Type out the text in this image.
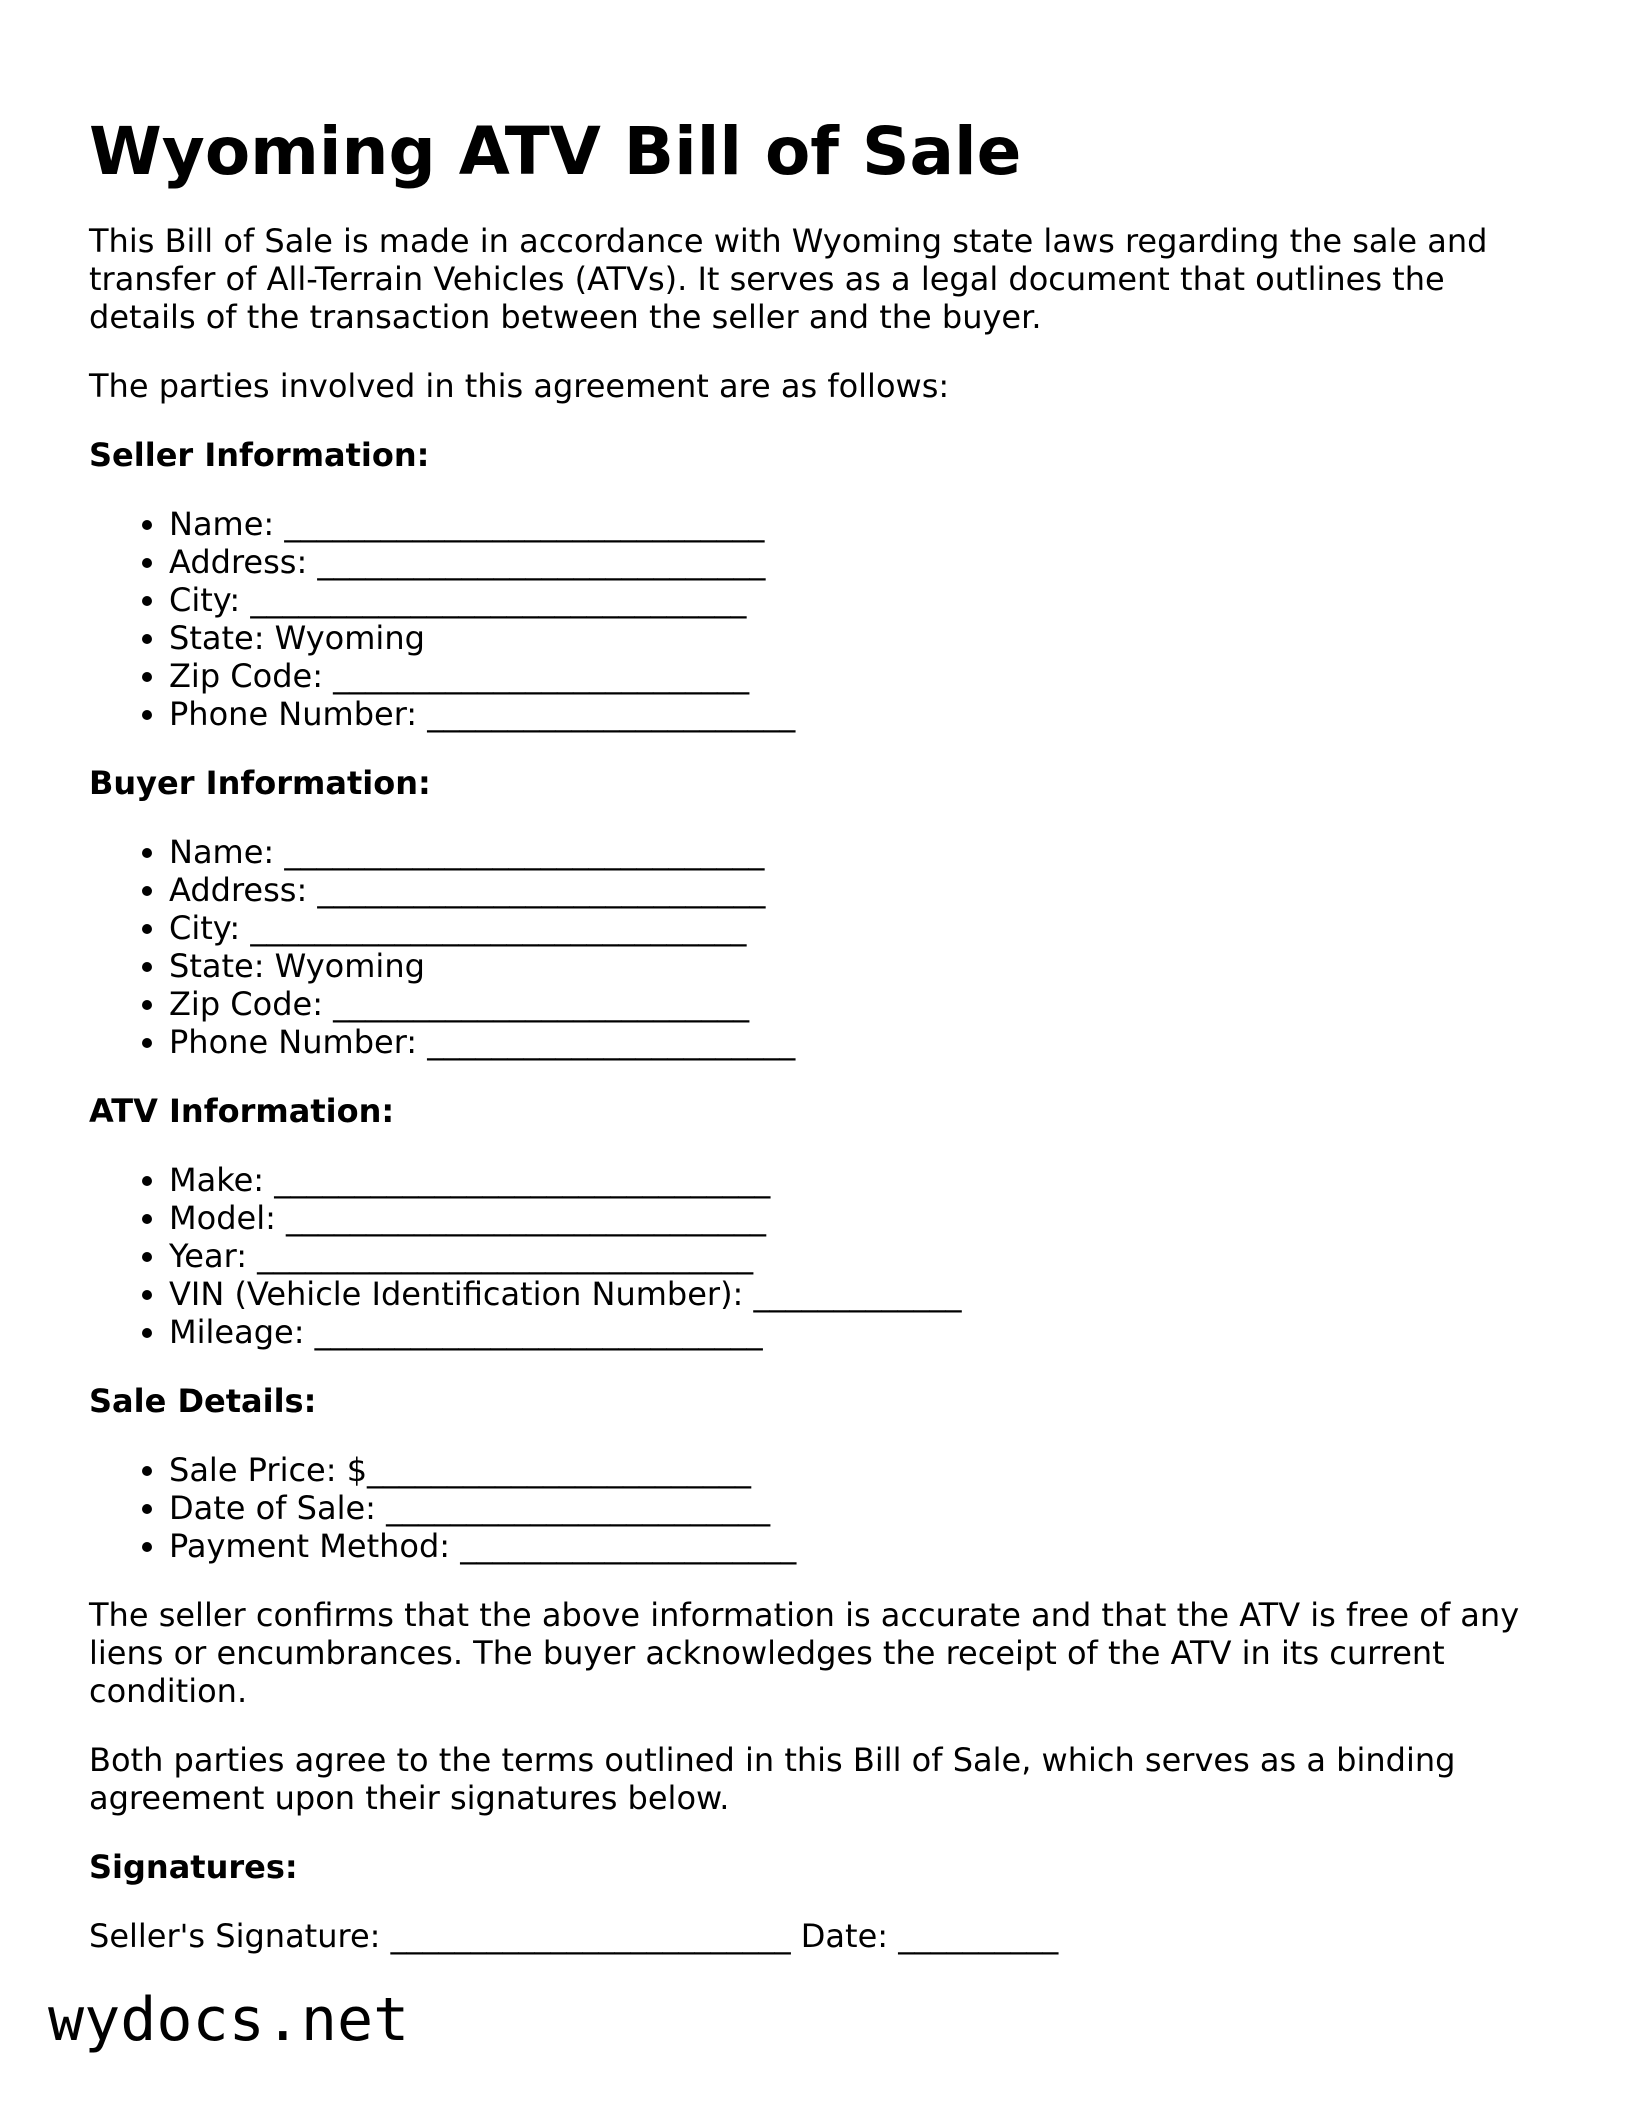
Wyoming ATV Bill of Sale

This Bill of Sale is made in accordance with Wyoming state laws regarding the sale and transfer of All-Terrain Vehicles (ATVs). It serves as a legal document that outlines the details of the transaction between the seller and the buyer.

The parties involved in this agreement are as follows:

Seller Information:
• Name: ______________________________
• Address: ____________________________
• City: _______________________________
• State: Wyoming
• Zip Code: __________________________
• Phone Number: _______________________
Buyer Information:
• Name: ______________________________
• Address: ____________________________
• City: _______________________________
• State: Wyoming
• Zip Code: __________________________
• Phone Number: _______________________
ATV Information:
• Make: _______________________________
• Model: ______________________________
• Year: _______________________________
• VIN (Vehicle Identification Number): _____________
• Mileage: ____________________________
Sale Details:
• Sale Price: $________________________
• Date of Sale: ________________________
• Payment Method: _____________________

The seller confirms that the above information is accurate and that the ATV is free of any liens or encumbrances. The buyer acknowledges the receipt of the ATV in its current condition.

Both parties agree to the terms outlined in this Bill of Sale, which serves as a binding agreement upon their signatures below.

Signatures:
Seller's Signature: _________________________ Date: __________
wydocs.net
